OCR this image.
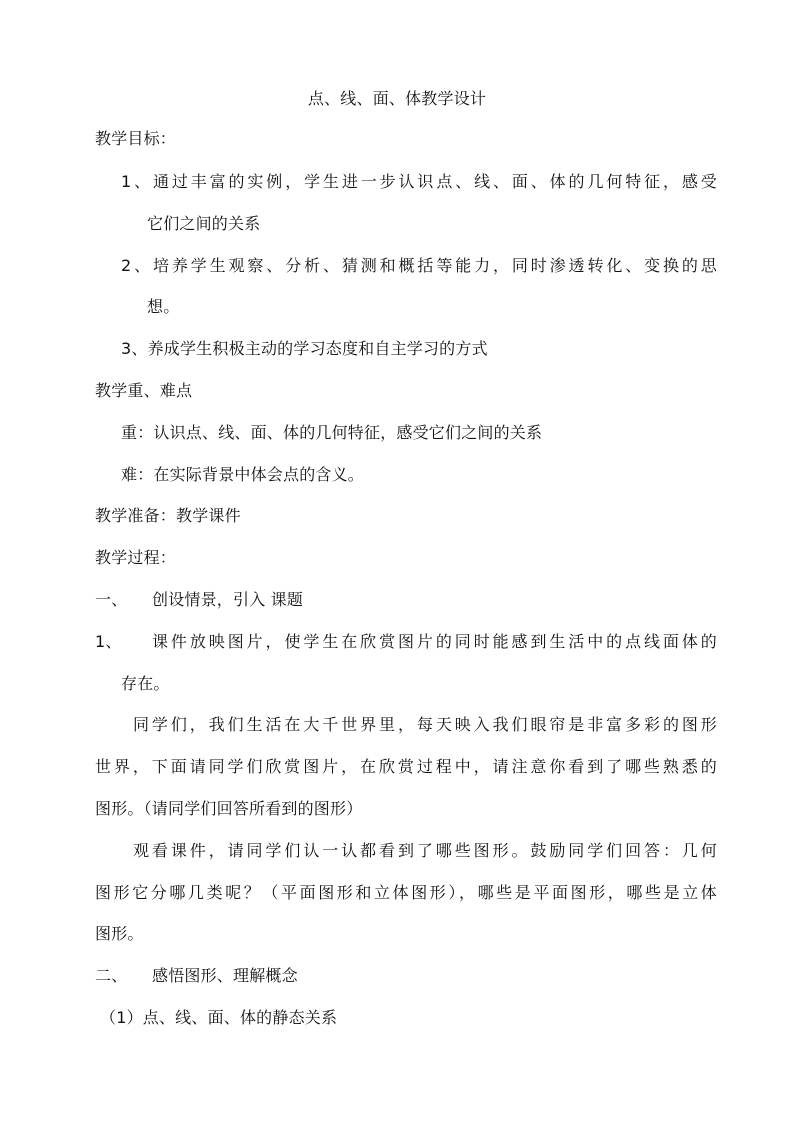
点、线、面、体教学设计
教学目标：
1、通过丰富的实例，学生进一步认识点、线、面、体的几何特征，感受
它们之间的关系
2、培养学生观察、分析、猜测和概括等能力，同时渗透转化、变换的思
想。
3、养成学生积极主动的学习态度和自主学习的方式
教学重、难点
重：认识点、线、面、体的几何特征，感受它们之间的关系
难：在实际背景中体会点的含义。
教学准备：教学课件
教学过程：
一、 创设情景，引入 课题
1、 课件放映图片，使学生在欣赏图片的同时能感到生活中的点线面体的
存在。
同学们，我们生活在大千世界里，每天映入我们眼帘是非富多彩的图形
世界，下面请同学们欣赏图片，在欣赏过程中，请注意你看到了哪些熟悉的
图形。（请同学们回答所看到的图形）
观看课件，请同学们认一认都看到了哪些图形。鼓励同学们回答：几何
图形它分哪几类呢？（平面图形和立体图形），哪些是平面图形，哪些是立体
图形。
二、 感悟图形、理解概念
（1）点、线、面、体的静态关系
